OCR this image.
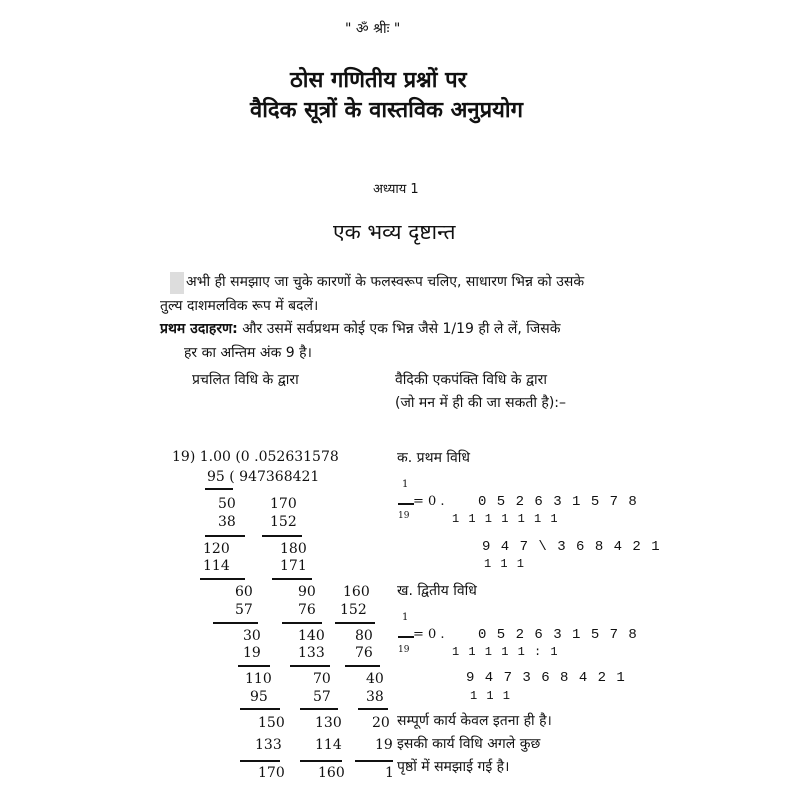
" ॐ श्रीः "
ठोस गणितीय प्रश्नों पर
वैदिक सूत्रों के वास्तविक अनुप्रयोग
अध्याय 1
एक भव्य दृष्टान्त
अभी ही समझाए जा चुके कारणों के फलस्वरूप चलिए, साधारण भिन्न को उसके
तुल्य दाशमलविक रूप में बदलें।
प्रथम उदाहरण: और उसमें सर्वप्रथम कोई एक भिन्न जैसे 1/19 ही ले लें, जिसके
हर का अन्तिम अंक 9 है।
प्रचलित विधि के द्वारा	वैदिकी एकपंक्ति विधि के द्वारा
(जो मन में ही की जा सकती है):–
19) 1.00 (0 .052631578
95 ( 947368421
50
38
170
152
120
114
180
171
60
57
90
76
160
152
30
19
140
133
80
76
110
95
70
57
40
38
150
133
130
114
20
19
170 160	1
क. प्रथम विधि
1
19
= 0 . 0 5 2 6 3 1 5 7 8
1 1 1 1 1 1 1
9 4 7 \ 3 6 8 4 2 1
1 1 1
ख. द्वितीय विधि
1
19
= 0 . 0 5 2 6 3 1 5 7 8
1 1 1 1 1 : 1
9 4 7 3 6 8 4 2 1
1 1 1
सम्पूर्ण कार्य केवल इतना ही है।
इसकी कार्य विधि अगले कुछ
पृष्ठों में समझाई गई है।
